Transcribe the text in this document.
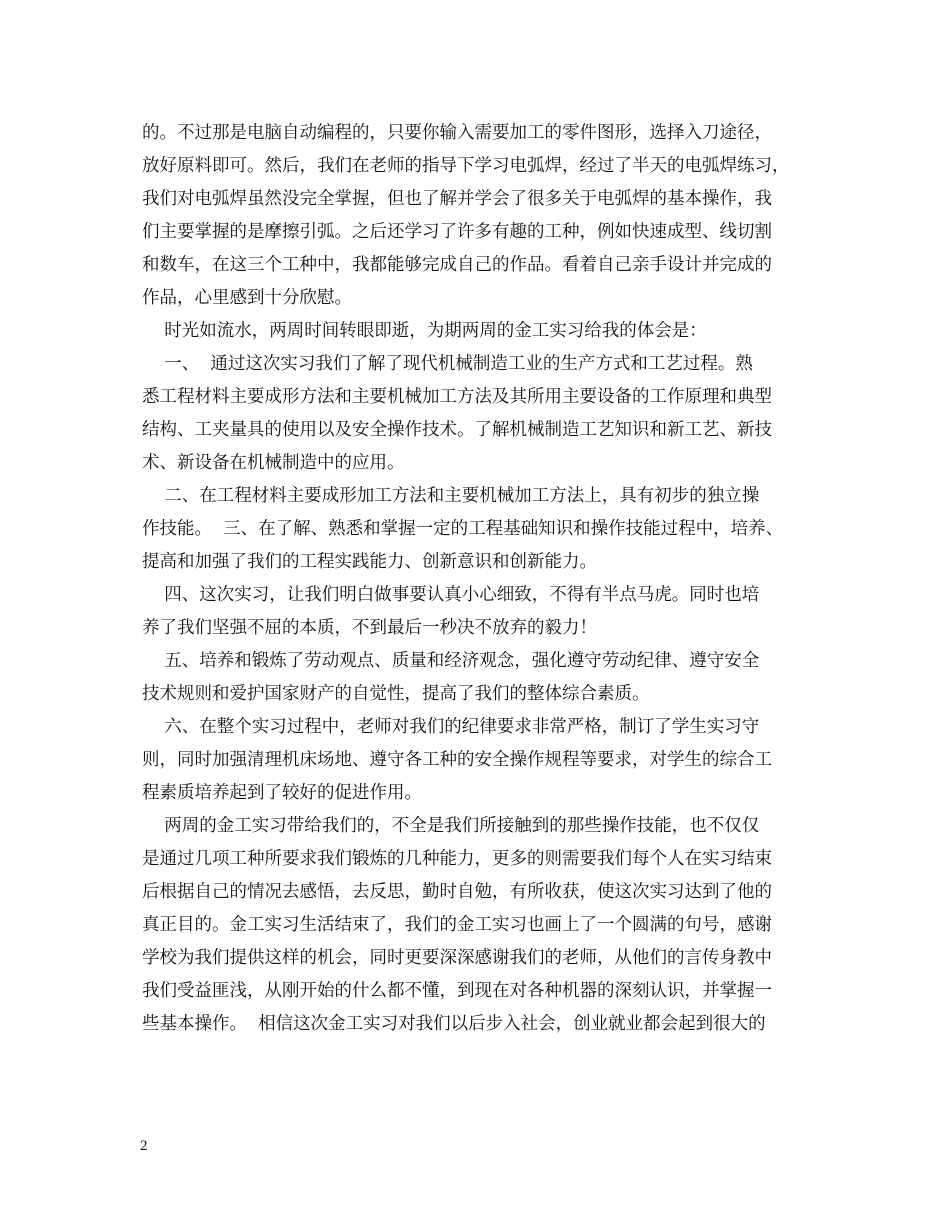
的。不过那是电脑自动编程的，只要你输入需要加工的零件图形，选择入刀途径，
放好原料即可。然后，我们在老师的指导下学习电弧焊，经过了半天的电弧焊练习，
我们对电弧焊虽然没完全掌握，但也了解并学会了很多关于电弧焊的基本操作，我
们主要掌握的是摩擦引弧。之后还学习了许多有趣的工种，例如快速成型、线切割
和数车，在这三个工种中，我都能够完成自己的作品。看着自己亲手设计并完成的
作品，心里感到十分欣慰。
时光如流水，两周时间转眼即逝，为期两周的金工实习给我的体会是：
一、  通过这次实习我们了解了现代机械制造工业的生产方式和工艺过程。熟
悉工程材料主要成形方法和主要机械加工方法及其所用主要设备的工作原理和典型
结构、工夹量具的使用以及安全操作技术。了解机械制造工艺知识和新工艺、新技
术、新设备在机械制造中的应用。
二、在工程材料主要成形加工方法和主要机械加工方法上，具有初步的独立操
作技能。  三、在了解、熟悉和掌握一定的工程基础知识和操作技能过程中，培养、
提高和加强了我们的工程实践能力、创新意识和创新能力。
四、这次实习，让我们明白做事要认真小心细致，不得有半点马虎。同时也培
养了我们坚强不屈的本质，不到最后一秒决不放弃的毅力！
五、培养和锻炼了劳动观点、质量和经济观念，强化遵守劳动纪律、遵守安全
技术规则和爱护国家财产的自觉性，提高了我们的整体综合素质。
六、在整个实习过程中，老师对我们的纪律要求非常严格，制订了学生实习守
则，同时加强清理机床场地、遵守各工种的安全操作规程等要求，对学生的综合工
程素质培养起到了较好的促进作用。
两周的金工实习带给我们的，不全是我们所接触到的那些操作技能，也不仅仅
是通过几项工种所要求我们锻炼的几种能力，更多的则需要我们每个人在实习结束
后根据自己的情况去感悟，去反思，勤时自勉，有所收获，使这次实习达到了他的
真正目的。金工实习生活结束了，我们的金工实习也画上了一个圆满的句号，感谢
学校为我们提供这样的机会，同时更要深深感谢我们的老师，从他们的言传身教中
我们受益匪浅，从刚开始的什么都不懂，到现在对各种机器的深刻认识，并掌握一
些基本操作。  相信这次金工实习对我们以后步入社会，创业就业都会起到很大的
2
